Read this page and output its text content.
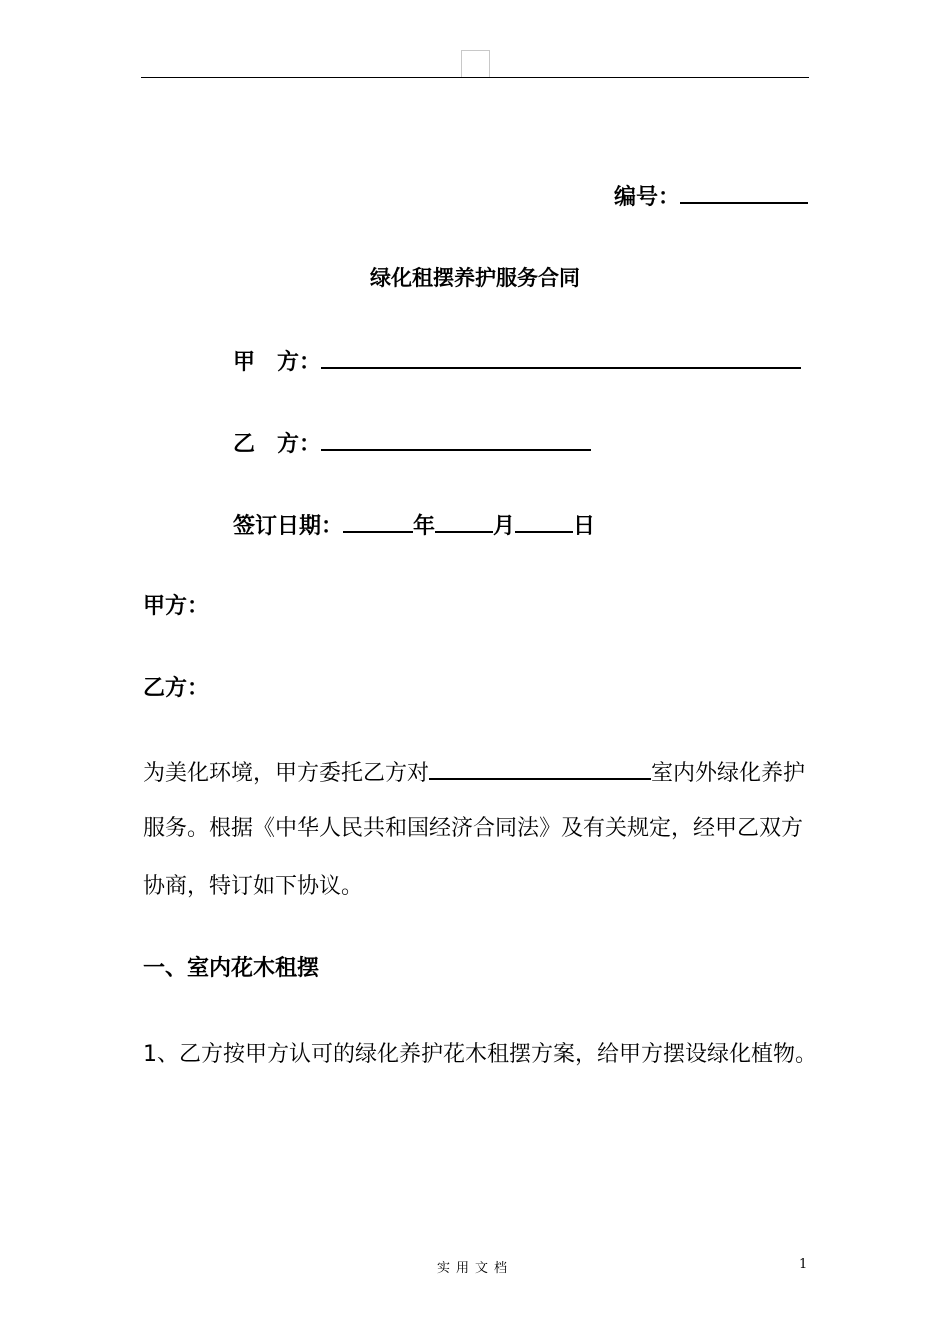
编号：
绿化租摆养护服务合同
甲　方：
乙　方：
签订日期：	年	月	日
甲方：
乙方：
为美化环境，甲方委托乙方对	室内外绿化养护
服务。根据《中华人民共和国经济合同法》及有关规定，经甲乙双方
协商，特订如下协议。
一、室内花木租摆
1、乙方按甲方认可的绿化养护花木租摆方案，给甲方摆设绿化植物。
实用文档	1
